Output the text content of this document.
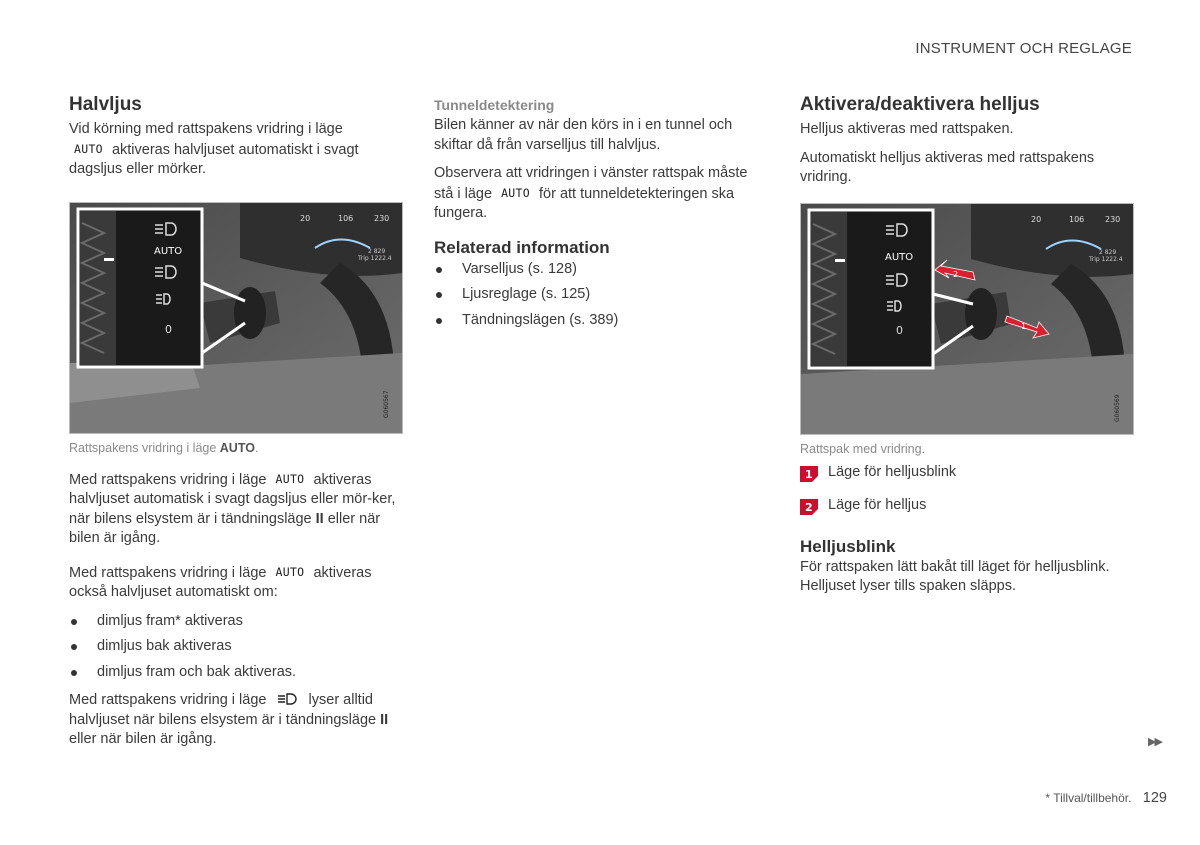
INSTRUMENT OCH REGLAGE
Halvljus

Vid körning med rattspakens vridring i läge
AUTO aktiveras halvljuset automatiskt i svagt dagsljus eller mörker.

20	106	230
2 829
Trip 1222.4
AUTO
0
G060567
Rattspakens vridring i läge AUTO.

Med rattspakens vridring i läge AUTO aktiveras halvljuset automatisk i svagt dagsljus eller mör-ker, när bilens elsystem är i tändningsläge II eller när bilen är igång.

Med rattspakens vridring i läge AUTO aktiveras
också halvljuset automatiskt om:

dimljus fram* aktiveras
dimljus bak aktiveras
dimljus fram och bak aktiveras.

Med rattspakens vridring i läge	lyser alltid
halvljuset när bilens elsystem är i tändningsläge II
eller när bilen är igång.

Tunneldetektering

Bilen känner av när den körs in i en tunnel och skiftar då från varselljus till halvljus.

Observera att vridringen i vänster rattspak måste
stå i läge AUTO för att tunneldetekteringen ska
fungera.

Relaterad information
Varselljus (s. 128)
Ljusreglage (s. 125)
Tändningslägen (s. 389)
Aktivera/deaktivera helljus

Helljus aktiveras med rattspaken.

Automatiskt helljus aktiveras med rattspakens vridring.

20	106	230
2 829
Trip 1222.4
2
1
AUTO
0
G060569
Rattspak med vridring.
1 Läge för helljusblink
2 Läge för helljus
Helljusblink

För rattspaken lätt bakåt till läget för helljusblink. Helljuset lyser tills spaken släpps.

▶▶
* Tillval/tillbehör. 129
